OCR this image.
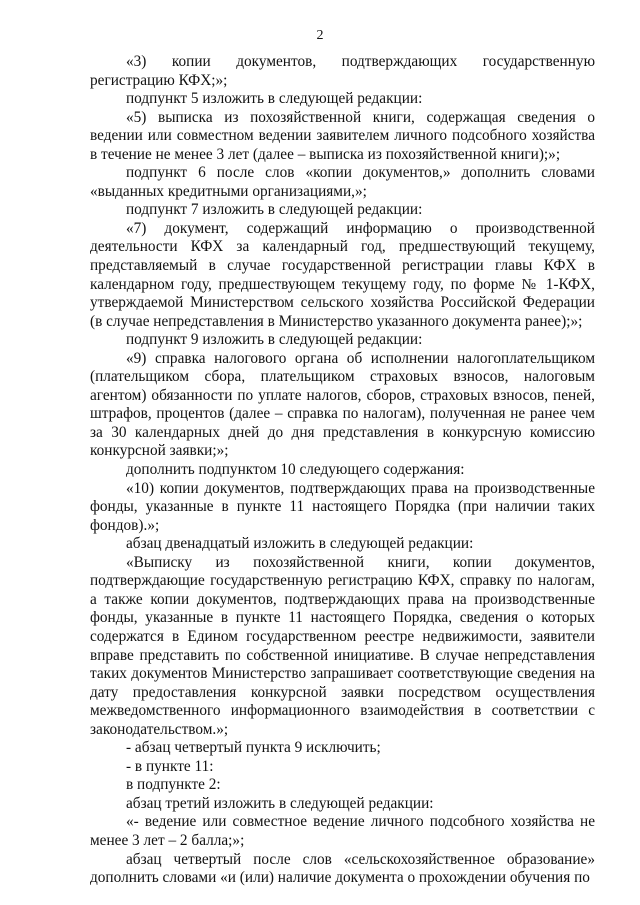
2

«3) копии документов, подтверждающих государственную регистрацию КФХ;»;

подпункт 5 изложить в следующей редакции:

«5) выписка из похозяйственной книги, содержащая сведения о ведении или совместном ведении заявителем личного подсобного хозяйства в течение не менее 3 лет (далее – выписка из похозяйственной книги);»;

подпункт 6 после слов «копии документов,» дополнить словами «выданных кредитными организациями,»;

подпункт 7 изложить в следующей редакции:

«7) документ, содержащий информацию о производственной деятельности КФХ за календарный год, предшествующий текущему, представляемый в случае государственной регистрации главы КФХ в календарном году, предшествующем текущему году, по форме № 1-КФХ, утверждаемой Министерством сельского хозяйства Российской Федерации (в случае непредставления в Министерство указанного документа ранее);»;

подпункт 9 изложить в следующей редакции:

«9) справка налогового органа об исполнении налогоплательщиком (плательщиком сбора, плательщиком страховых взносов, налоговым агентом) обязанности по уплате налогов, сборов, страховых взносов, пеней, штрафов, процентов (далее – справка по налогам), полученная не ранее чем за 30 календарных дней до дня представления в конкурсную комиссию конкурсной заявки;»;

дополнить подпунктом 10 следующего содержания:

«10) копии документов, подтверждающих права на производственные фонды, указанные в пункте 11 настоящего Порядка (при наличии таких фондов).»;

абзац двенадцатый изложить в следующей редакции:

«Выписку из похозяйственной книги, копии документов, подтверждающие государственную регистрацию КФХ, справку по налогам, а также копии документов, подтверждающих права на производственные фонды, указанные в пункте 11 настоящего Порядка, сведения о которых содержатся в Едином государственном реестре недвижимости, заявители вправе представить по собственной инициативе. В случае непредставления таких документов Министерство запрашивает соответствующие сведения на дату предоставления конкурсной заявки посредством осуществления межведомственного информационного взаимодействия в соответствии с законодательством.»;

- абзац четвертый пункта 9 исключить;

- в пункте 11:

в подпункте 2:

абзац третий изложить в следующей редакции:

«- ведение или совместное ведение личного подсобного хозяйства не менее 3 лет – 2 балла;»;

абзац четвертый после слов «сельскохозяйственное образование» дополнить словами «и (или) наличие документа о прохождении обучения по
